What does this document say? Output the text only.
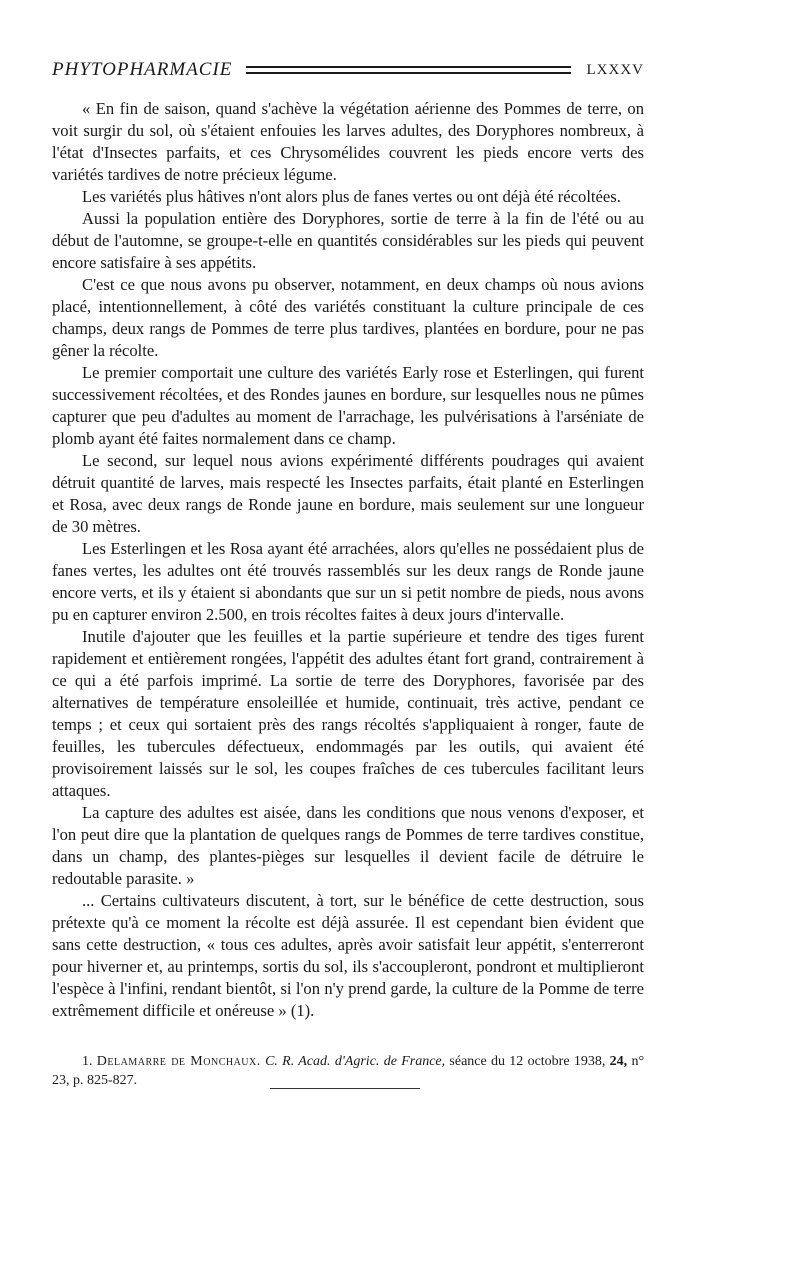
PHYTOPHARMACIE	LXXXV

« En fin de saison, quand s'achève la végétation aérienne des Pommes de terre, on voit surgir du sol, où s'étaient enfouies les larves adultes, des Doryphores nombreux, à l'état d'Insectes parfaits, et ces Chrysomélides couvrent les pieds encore verts des variétés tardives de notre précieux légume.

Les variétés plus hâtives n'ont alors plus de fanes vertes ou ont déjà été récoltées.

Aussi la population entière des Doryphores, sortie de terre à la fin de l'été ou au début de l'automne, se groupe-t-elle en quantités considérables sur les pieds qui peuvent encore satisfaire à ses appétits.

C'est ce que nous avons pu observer, notamment, en deux champs où nous avions placé, intentionnellement, à côté des variétés constituant la culture principale de ces champs, deux rangs de Pommes de terre plus tardives, plantées en bordure, pour ne pas gêner la récolte.

Le premier comportait une culture des variétés Early rose et Esterlingen, qui furent successivement récoltées, et des Rondes jaunes en bordure, sur lesquelles nous ne pûmes capturer que peu d'adultes au moment de l'arrachage, les pulvérisations à l'arséniate de plomb ayant été faites normalement dans ce champ.

Le second, sur lequel nous avions expérimenté différents poudrages qui avaient détruit quantité de larves, mais respecté les Insectes parfaits, était planté en Esterlingen et Rosa, avec deux rangs de Ronde jaune en bordure, mais seulement sur une longueur de 30 mètres.

Les Esterlingen et les Rosa ayant été arrachées, alors qu'elles ne possédaient plus de fanes vertes, les adultes ont été trouvés rassemblés sur les deux rangs de Ronde jaune encore verts, et ils y étaient si abondants que sur un si petit nombre de pieds, nous avons pu en capturer environ 2.500, en trois récoltes faites à deux jours d'intervalle.

Inutile d'ajouter que les feuilles et la partie supérieure et tendre des tiges furent rapidement et entièrement rongées, l'appétit des adultes étant fort grand, contrairement à ce qui a été parfois imprimé. La sortie de terre des Doryphores, favorisée par des alternatives de température ensoleillée et humide, continuait, très active, pendant ce temps ; et ceux qui sortaient près des rangs récoltés s'appliquaient à ronger, faute de feuilles, les tubercules défectueux, endommagés par les outils, qui avaient été provisoirement laissés sur le sol, les coupes fraîches de ces tubercules facilitant leurs attaques.

La capture des adultes est aisée, dans les conditions que nous venons d'exposer, et l'on peut dire que la plantation de quelques rangs de Pommes de terre tardives constitue, dans un champ, des plantes-pièges sur lesquelles il devient facile de détruire le redoutable parasite. »

... Certains cultivateurs discutent, à tort, sur le bénéfice de cette destruction, sous prétexte qu'à ce moment la récolte est déjà assurée. Il est cependant bien évident que sans cette destruction, « tous ces adultes, après avoir satisfait leur appétit, s'enterreront pour hiverner et, au printemps, sortis du sol, ils s'accoupleront, pondront et multiplieront l'espèce à l'infini, rendant bientôt, si l'on n'y prend garde, la culture de la Pomme de terre extrêmement difficile et onéreuse » (1).

1. Delamarre de Monchaux. C. R. Acad. d'Agric. de France, séance du 12 octobre 1938, 24, n° 23, p. 825-827.
